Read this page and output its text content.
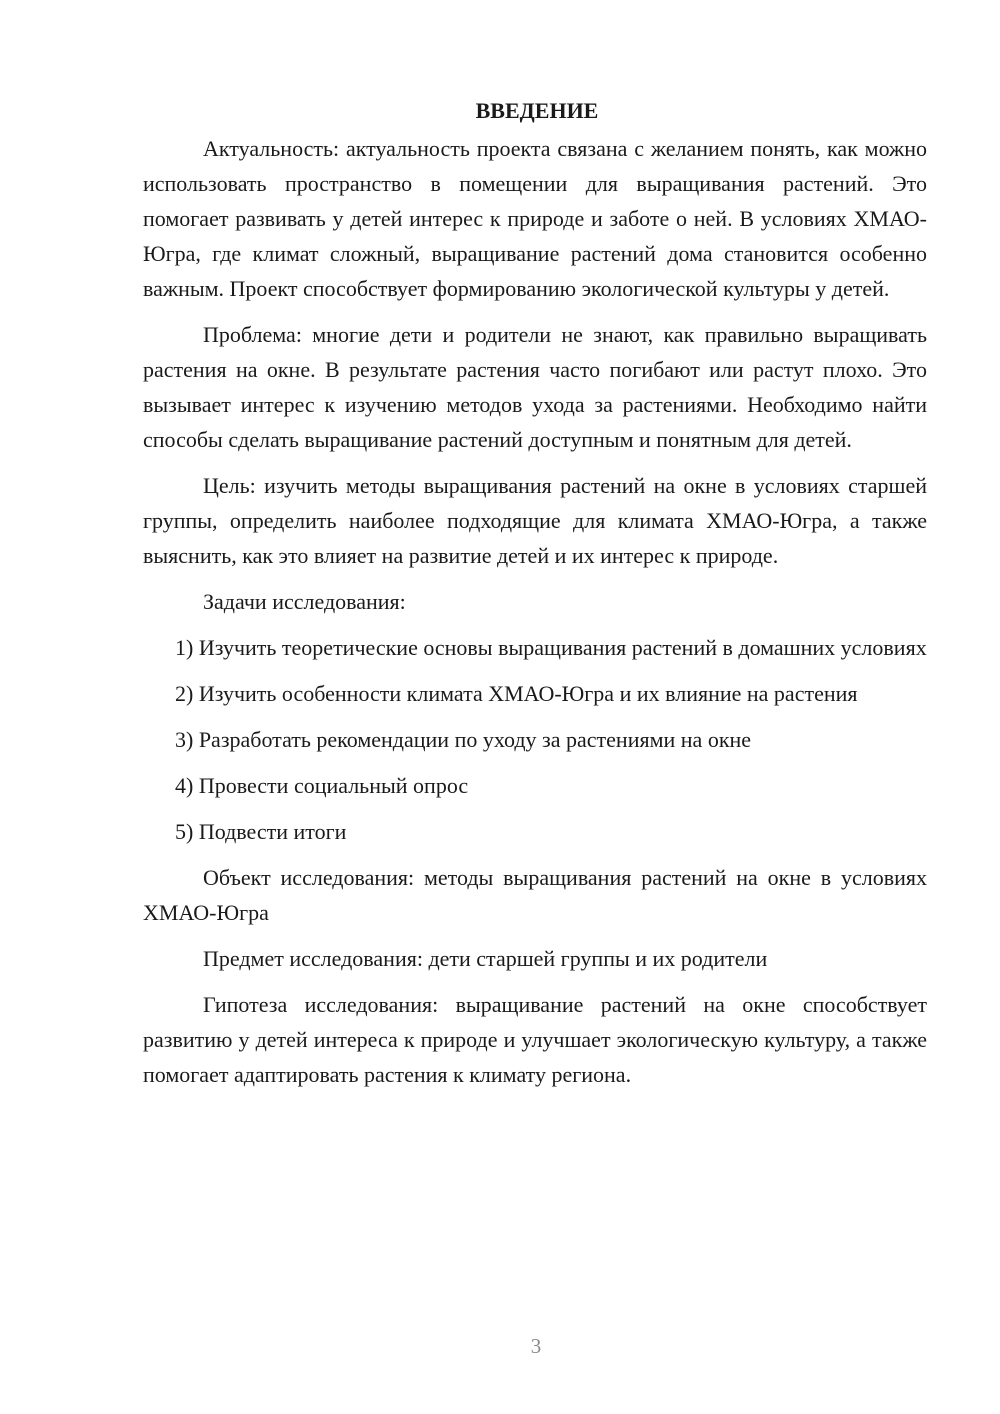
ВВЕДЕНИЕ

Актуальность: актуальность проекта связана с желанием понять, как можно использовать пространство в помещении для выращивания растений. Это помогает развивать у детей интерес к природе и заботе о ней. В условиях ХМАО-Югра, где климат сложный, выращивание растений дома становится особенно важным. Проект способствует формированию экологической культуры у детей.

Проблема: многие дети и родители не знают, как правильно выращивать растения на окне. В результате растения часто погибают или растут плохо. Это вызывает интерес к изучению методов ухода за растениями. Необходимо найти способы сделать выращивание растений доступным и понятным для детей.

Цель: изучить методы выращивания растений на окне в условиях старшей группы, определить наиболее подходящие для климата ХМАО-Югра, а также выяснить, как это влияет на развитие детей и их интерес к природе.

Задачи исследования:

1) Изучить теоретические основы выращивания растений в домашних условиях

2) Изучить особенности климата ХМАО-Югра и их влияние на растения

3) Разработать рекомендации по уходу за растениями на окне

4) Провести социальный опрос

5) Подвести итоги

Объект исследования: методы выращивания растений на окне в условиях ХМАО-Югра

Предмет исследования: дети старшей группы и их родители

Гипотеза исследования: выращивание растений на окне способствует развитию у детей интереса к природе и улучшает экологическую культуру, а также помогает адаптировать растения к климату региона.

3
